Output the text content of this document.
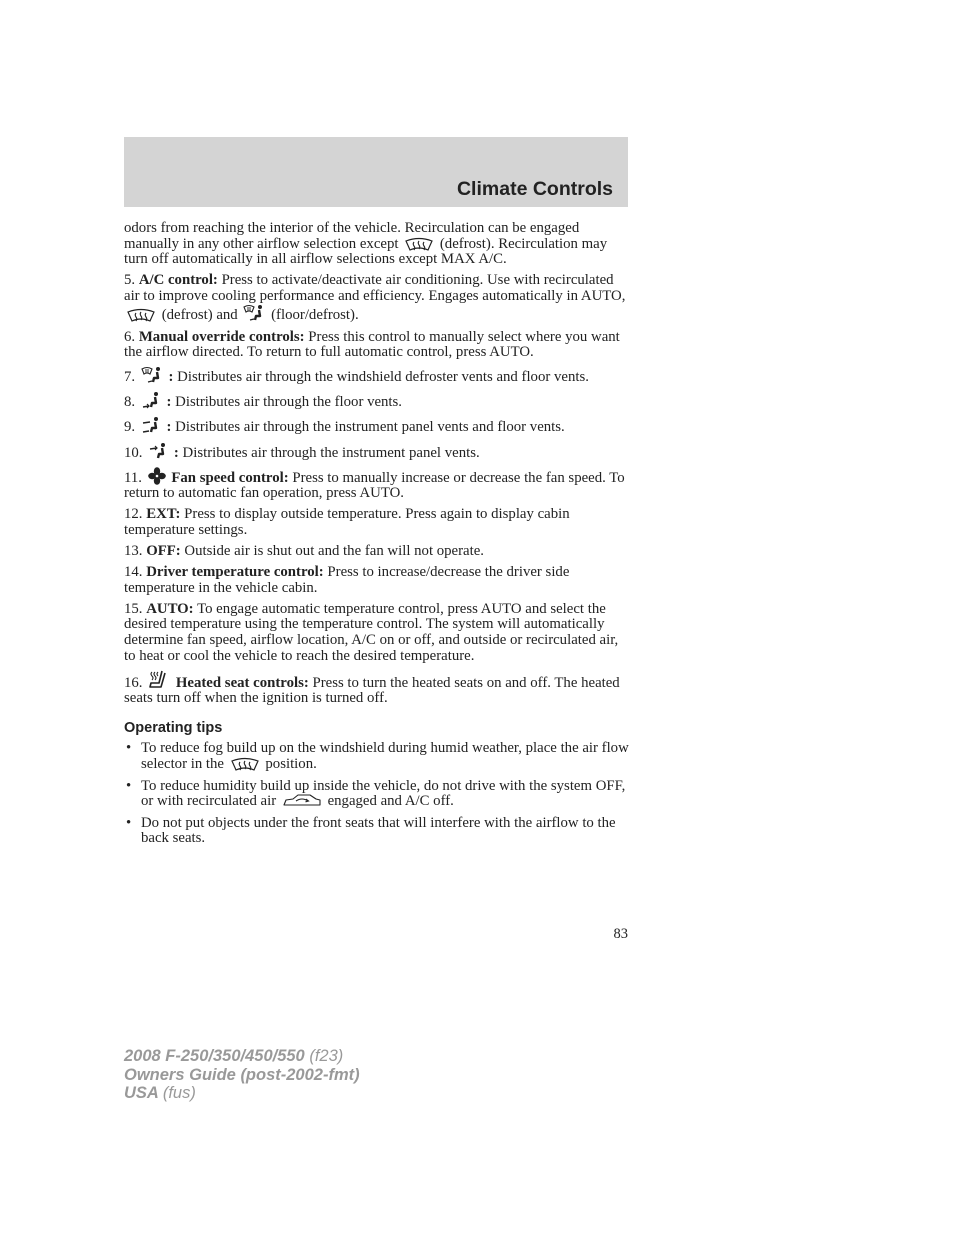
Climate Controls

odors from reaching the interior of the vehicle. Recirculation can be engaged manually in any other airflow selection except	(defrost). Recirculation may turn off automatically in all airflow selections except MAX A/C.

5. A/C control: Press to activate/deactivate air conditioning. Use with recirculated air to improve cooling performance and efficiency. Engages automatically in AUTO,
(defrost) and (floor/defrost).

6. Manual override controls: Press this control to manually select where you want the airflow directed. To return to full automatic control, press AUTO.

7. : Distributes air through the windshield defroster vents and floor vents.

8. : Distributes air through the floor vents.

9. : Distributes air through the instrument panel vents and floor vents.

10. : Distributes air through the instrument panel vents.

11. Fan speed control: Press to manually increase or decrease the fan speed. To return to automatic fan operation, press AUTO.

12. EXT: Press to display outside temperature. Press again to display cabin temperature settings.

13. OFF: Outside air is shut out and the fan will not operate.

14. Driver temperature control: Press to increase/decrease the driver side temperature in the vehicle cabin.

15. AUTO: To engage automatic temperature control, press AUTO and select the desired temperature using the temperature control. The system will automatically determine fan speed, airflow location, A/C on or off, and outside or recirculated air, to heat or cool the vehicle to reach the desired temperature.

16. Heated seat controls: Press to turn the heated seats on and off. The heated seats turn off when the ignition is turned off.

Operating tips
• To reduce fog build up on the windshield during humid weather, place the air flow selector in the	position.
• To reduce humidity build up inside the vehicle, do not drive with the system OFF, or with recirculated air	engaged and A/C off.
• Do not put objects under the front seats that will interfere with the airflow to the back seats.
83
2008 F-250/350/450/550 (f23)
Owners Guide (post-2002-fmt)
USA (fus)
